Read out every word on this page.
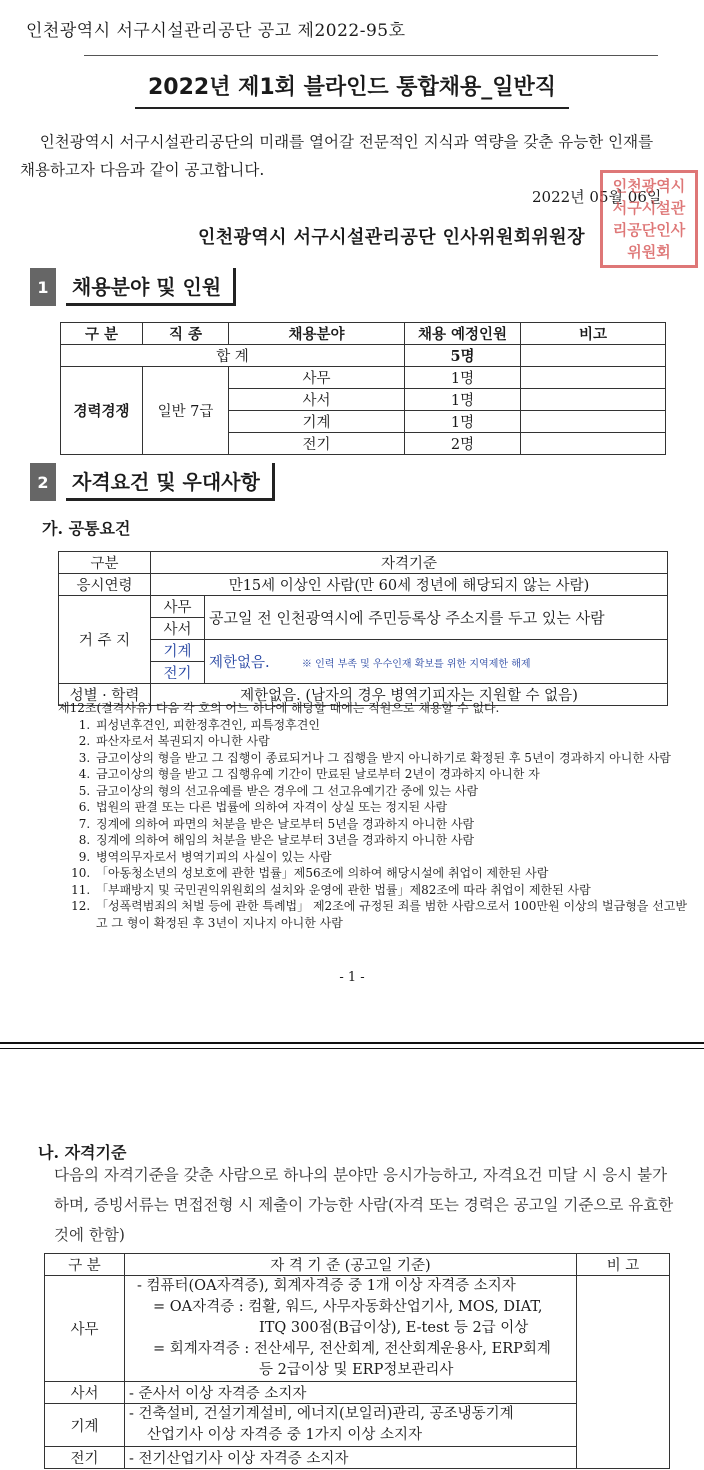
인천광역시 서구시설관리공단 공고 제2022-95호
2022년 제1회 블라인드 통합채용_일반직
인천광역시 서구시설관리공단의 미래를 열어갈 전문적인 지식과 역량을 갖춘 유능한 인재를 채용하고자 다음과 같이 공고합니다.
2022년 05월 06일
인천광역시 서구시설관리공단 인사위원회위원장
인천광역시서구시설관리공단인사위원회
1	채용분야 및 인원
구 분	직 종	채용분야	채용 예정인원	비고
합 계			5명	
경력경쟁	일반 7급	사무	1명	
		사서	1명	
		기계	1명	
		전기	2명	
2	자격요건 및 우대사항
가. 공통요건
구분	자격기준	
응시연령	만15세 이상인 사람(만 60세 정년에 해당되지 않는 사람)	
거 주 지	사무	공고일 전 인천광역시에 주민등록상 주소지를 두고 있는 사람
	사서	
	기계	제한없음. ※ 인력 부족 및 우수인재 확보를 위한 지역제한 해제
	전기	
성별 · 학력	제한없음. (남자의 경우 병역기피자는 지원할 수 없음)	
제12조(결격사유) 다음 각 호의 어느 하나에 해당할 때에는 직원으로 채용할 수 없다.
1. 피성년후견인, 피한정후견인, 피특정후견인
2. 파산자로서 복권되지 아니한 사람
3. 금고이상의 형을 받고 그 집행이 종료되거나 그 집행을 받지 아니하기로 확정된 후 5년이 경과하지 아니한 사람
4. 금고이상의 형을 받고 그 집행유예 기간이 만료된 날로부터 2년이 경과하지 아니한 자
5. 금고이상의 형의 선고유예를 받은 경우에 그 선고유예기간 중에 있는 사람
6. 법원의 판결 또는 다른 법률에 의하여 자격이 상실 또는 정지된 사람
7. 징계에 의하여 파면의 처분을 받은 날로부터 5년을 경과하지 아니한 사람
8. 징계에 의하여 해임의 처분을 받은 날로부터 3년을 경과하지 아니한 사람
9. 병역의무자로서 병역기피의 사실이 있는 사람
10. 「아동청소년의 성보호에 관한 법률」제56조에 의하여 해당시설에 취업이 제한된 사람
11. 「부패방지 및 국민권익위원회의 설치와 운영에 관한 법률」제82조에 따라 취업이 제한된 사람
12. 「성폭력범죄의 처벌 등에 관한 특례법」 제2조에 규정된 죄를 범한 사람으로서 100만원 이상의 벌금형을 선고받고 그 형이 확정된 후 3년이 지나지 아니한 사람
- 1 -
나. 자격기준
다음의 자격기준을 갖춘 사람으로 하나의 분야만 응시가능하고, 자격요건 미달 시 응시 불가하며, 증빙서류는 면접전형 시 제출이 가능한 사람(자격 또는 경력은 공고일 기준으로 유효한 것에 한함)
구 분	자 격 기 준 (공고일 기준)	비 고
사무	- 컴퓨터(OA자격증), 회계자격증 중 1개 이상 자격증 소지자
= OA자격증 : 컴활, 워드, 사무자동화산업기사, MOS, DIAT,
ITQ 300점(B급이상), E-test 등 2급 이상
= 회계자격증 : 전산세무, 전산회계, 전산회계운용사, ERP회계
등 2급이상 및 ERP정보관리사	

사서	- 준사서 이상 자격증 소지자	
기계	- 건축설비, 건설기계설비, 에너지(보일러)관리, 공조냉동기계
산업기사 이상 자격증 중 1가지 이상 소지자	

전기	- 전기산업기사 이상 자격증 소지자	
